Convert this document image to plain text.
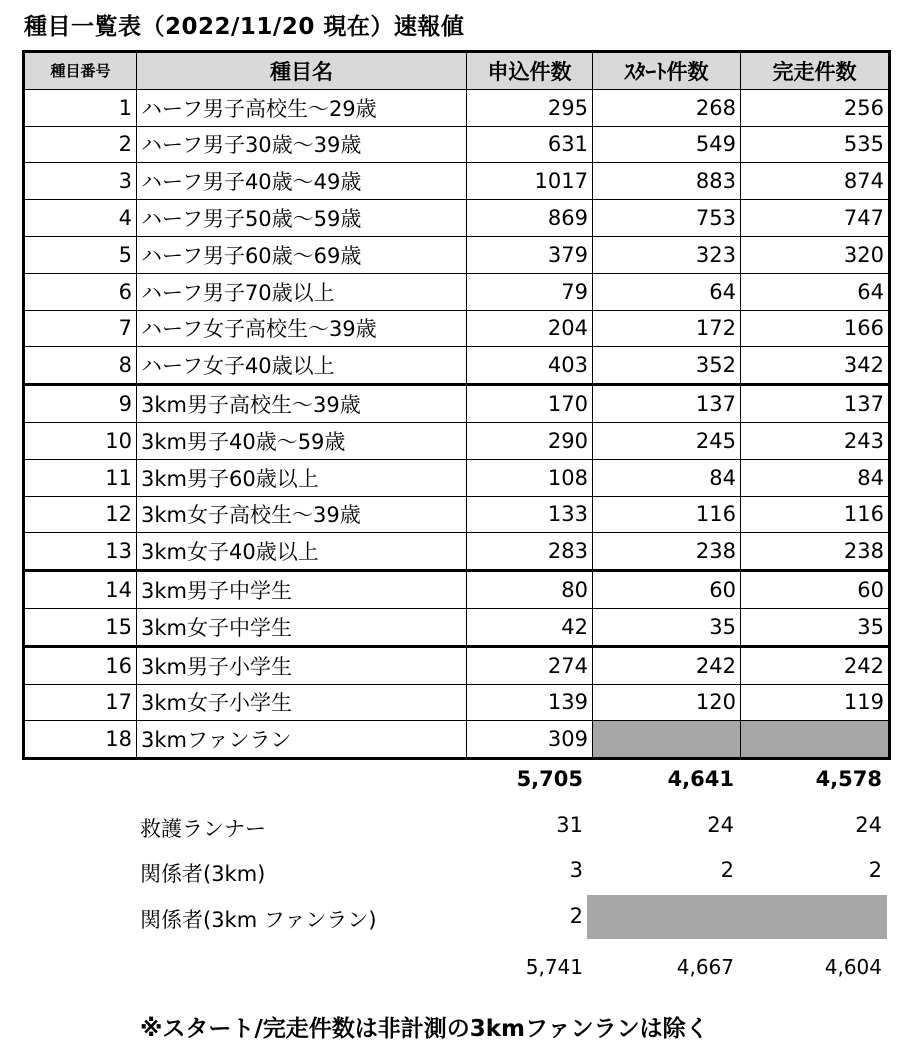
種目一覧表（2022/11/20 現在）速報値
種目番号	種目名	申込件数	ｽﾀｰﾄ件数	完走件数
1	ハーフ男子高校生～29歳	295	268	256
2	ハーフ男子30歳～39歳	631	549	535
3	ハーフ男子40歳～49歳	1017	883	874
4	ハーフ男子50歳～59歳	869	753	747
5	ハーフ男子60歳～69歳	379	323	320
6	ハーフ男子70歳以上	79	64	64
7	ハーフ女子高校生～39歳	204	172	166
8	ハーフ女子40歳以上	403	352	342
9	3km男子高校生～39歳	170	137	137
10	3km男子40歳～59歳	290	245	243
11	3km男子60歳以上	108	84	84
12	3km女子高校生～39歳	133	116	116
13	3km女子40歳以上	283	238	238
14	3km男子中学生	80	60	60
15	3km女子中学生	42	35	35
16	3km男子小学生	274	242	242
17	3km女子小学生	139	120	119
18	3kmファンラン	309		
5,705	4,641	4,578
救護ランナー	31	24	24
関係者(3km)	3	2	2
関係者(3km ファンラン)	2
5,741	4,667	4,604
※スタート/完走件数は非計測の3kmファンランは除く
